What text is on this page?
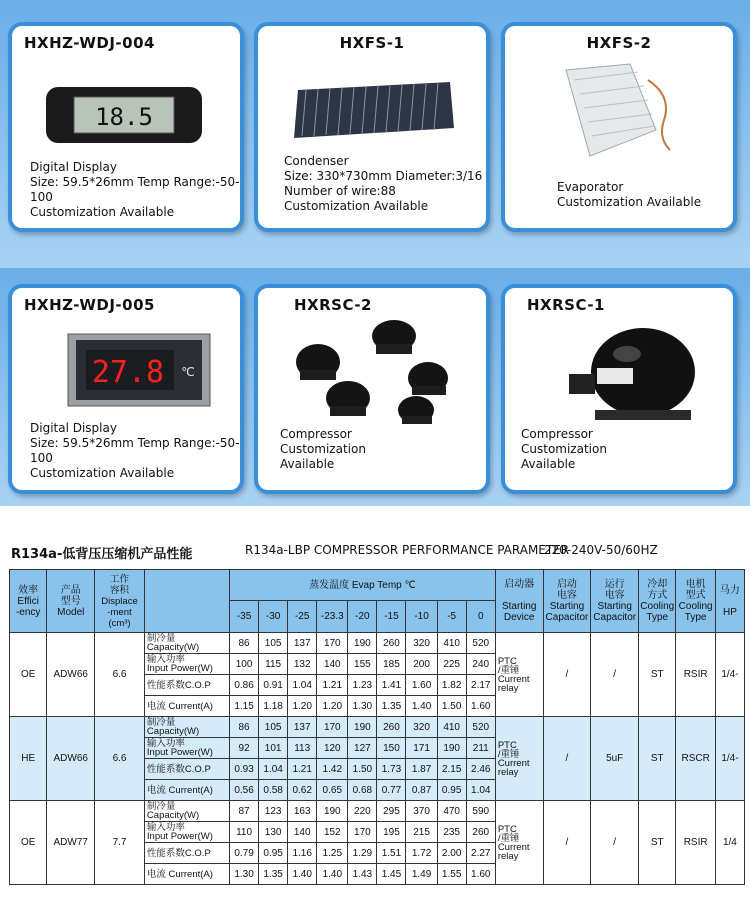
HXHZ-WDJ-004
18.5
Digital Display
Size: 59.5*26mm Temp Range:-50-100
Customization Available
HXFS-1
Condenser
Size: 330*730mm Diameter:3/16
Number of wire:88
Customization Available
HXFS-2
Evaporator
Customization Available
HXHZ-WDJ-005
27.8 ℃
Digital Display
Size: 59.5*26mm Temp Range:-50-100
Customization Available
HXRSC-2
Compressor
Customization
Available
HXRSC-1
Compressor
Customization
Available
R134a-低背压压缩机产品性能	R134a-LBP COMPRESSOR PERFORMANCE PARAMETER
220-240V-50/60HZ
效率
Effici
-ency	产品
型号
Model	工作
容积
Displace
-ment
(cm³)		蒸发温度 Evap Temp ℃									启动器

Starting
Device	启动
电容
Starting
Capacitor	运行
电容
Starting
Capacitor	冷却
方式
Cooling
Type	电机
型式
Cooling
Type	马力

HP
				-35	-30	-25	-23.3	-20	-15	-10	-5	0						
OE	ADW66	6.6	制冷量
Capacity(W)	86	105	137	170	190	260	320	410	520	PTC
/重锤
Current
relay	/	/	ST	RSIR	1/4-
			输入功率
Input Power(W)	100	115	132	140	155	185	200	225	240						
			性能系数C.O.P	0.86	0.91	1.04	1.21	1.23	1.41	1.60	1.82	2.17						
			电流 Current(A)	1.15	1.18	1.20	1.20	1.30	1.35	1.40	1.50	1.60						
HE	ADW66	6.6	制冷量
Capacity(W)	86	105	137	170	190	260	320	410	520	PTC
/重锤
Current
relay	/	5uF	ST	RSCR	1/4-
			输入功率
Input Power(W)	92	101	113	120	127	150	171	190	211						
			性能系数C.O.P	0.93	1.04	1.21	1.42	1.50	1.73	1.87	2.15	2.46						
			电流 Current(A)	0.56	0.58	0.62	0.65	0.68	0.77	0.87	0.95	1.04						
OE	ADW77	7.7	制冷量
Capacity(W)	87	123	163	190	220	295	370	470	590	PTC
/重锤
Current
relay	/	/	ST	RSIR	1/4
			输入功率
Input Power(W)	110	130	140	152	170	195	215	235	260						
			性能系数C.O.P	0.79	0.95	1.16	1.25	1.29	1.51	1.72	2.00	2.27						
			电流 Current(A)	1.30	1.35	1.40	1.40	1.43	1.45	1.49	1.55	1.60						
